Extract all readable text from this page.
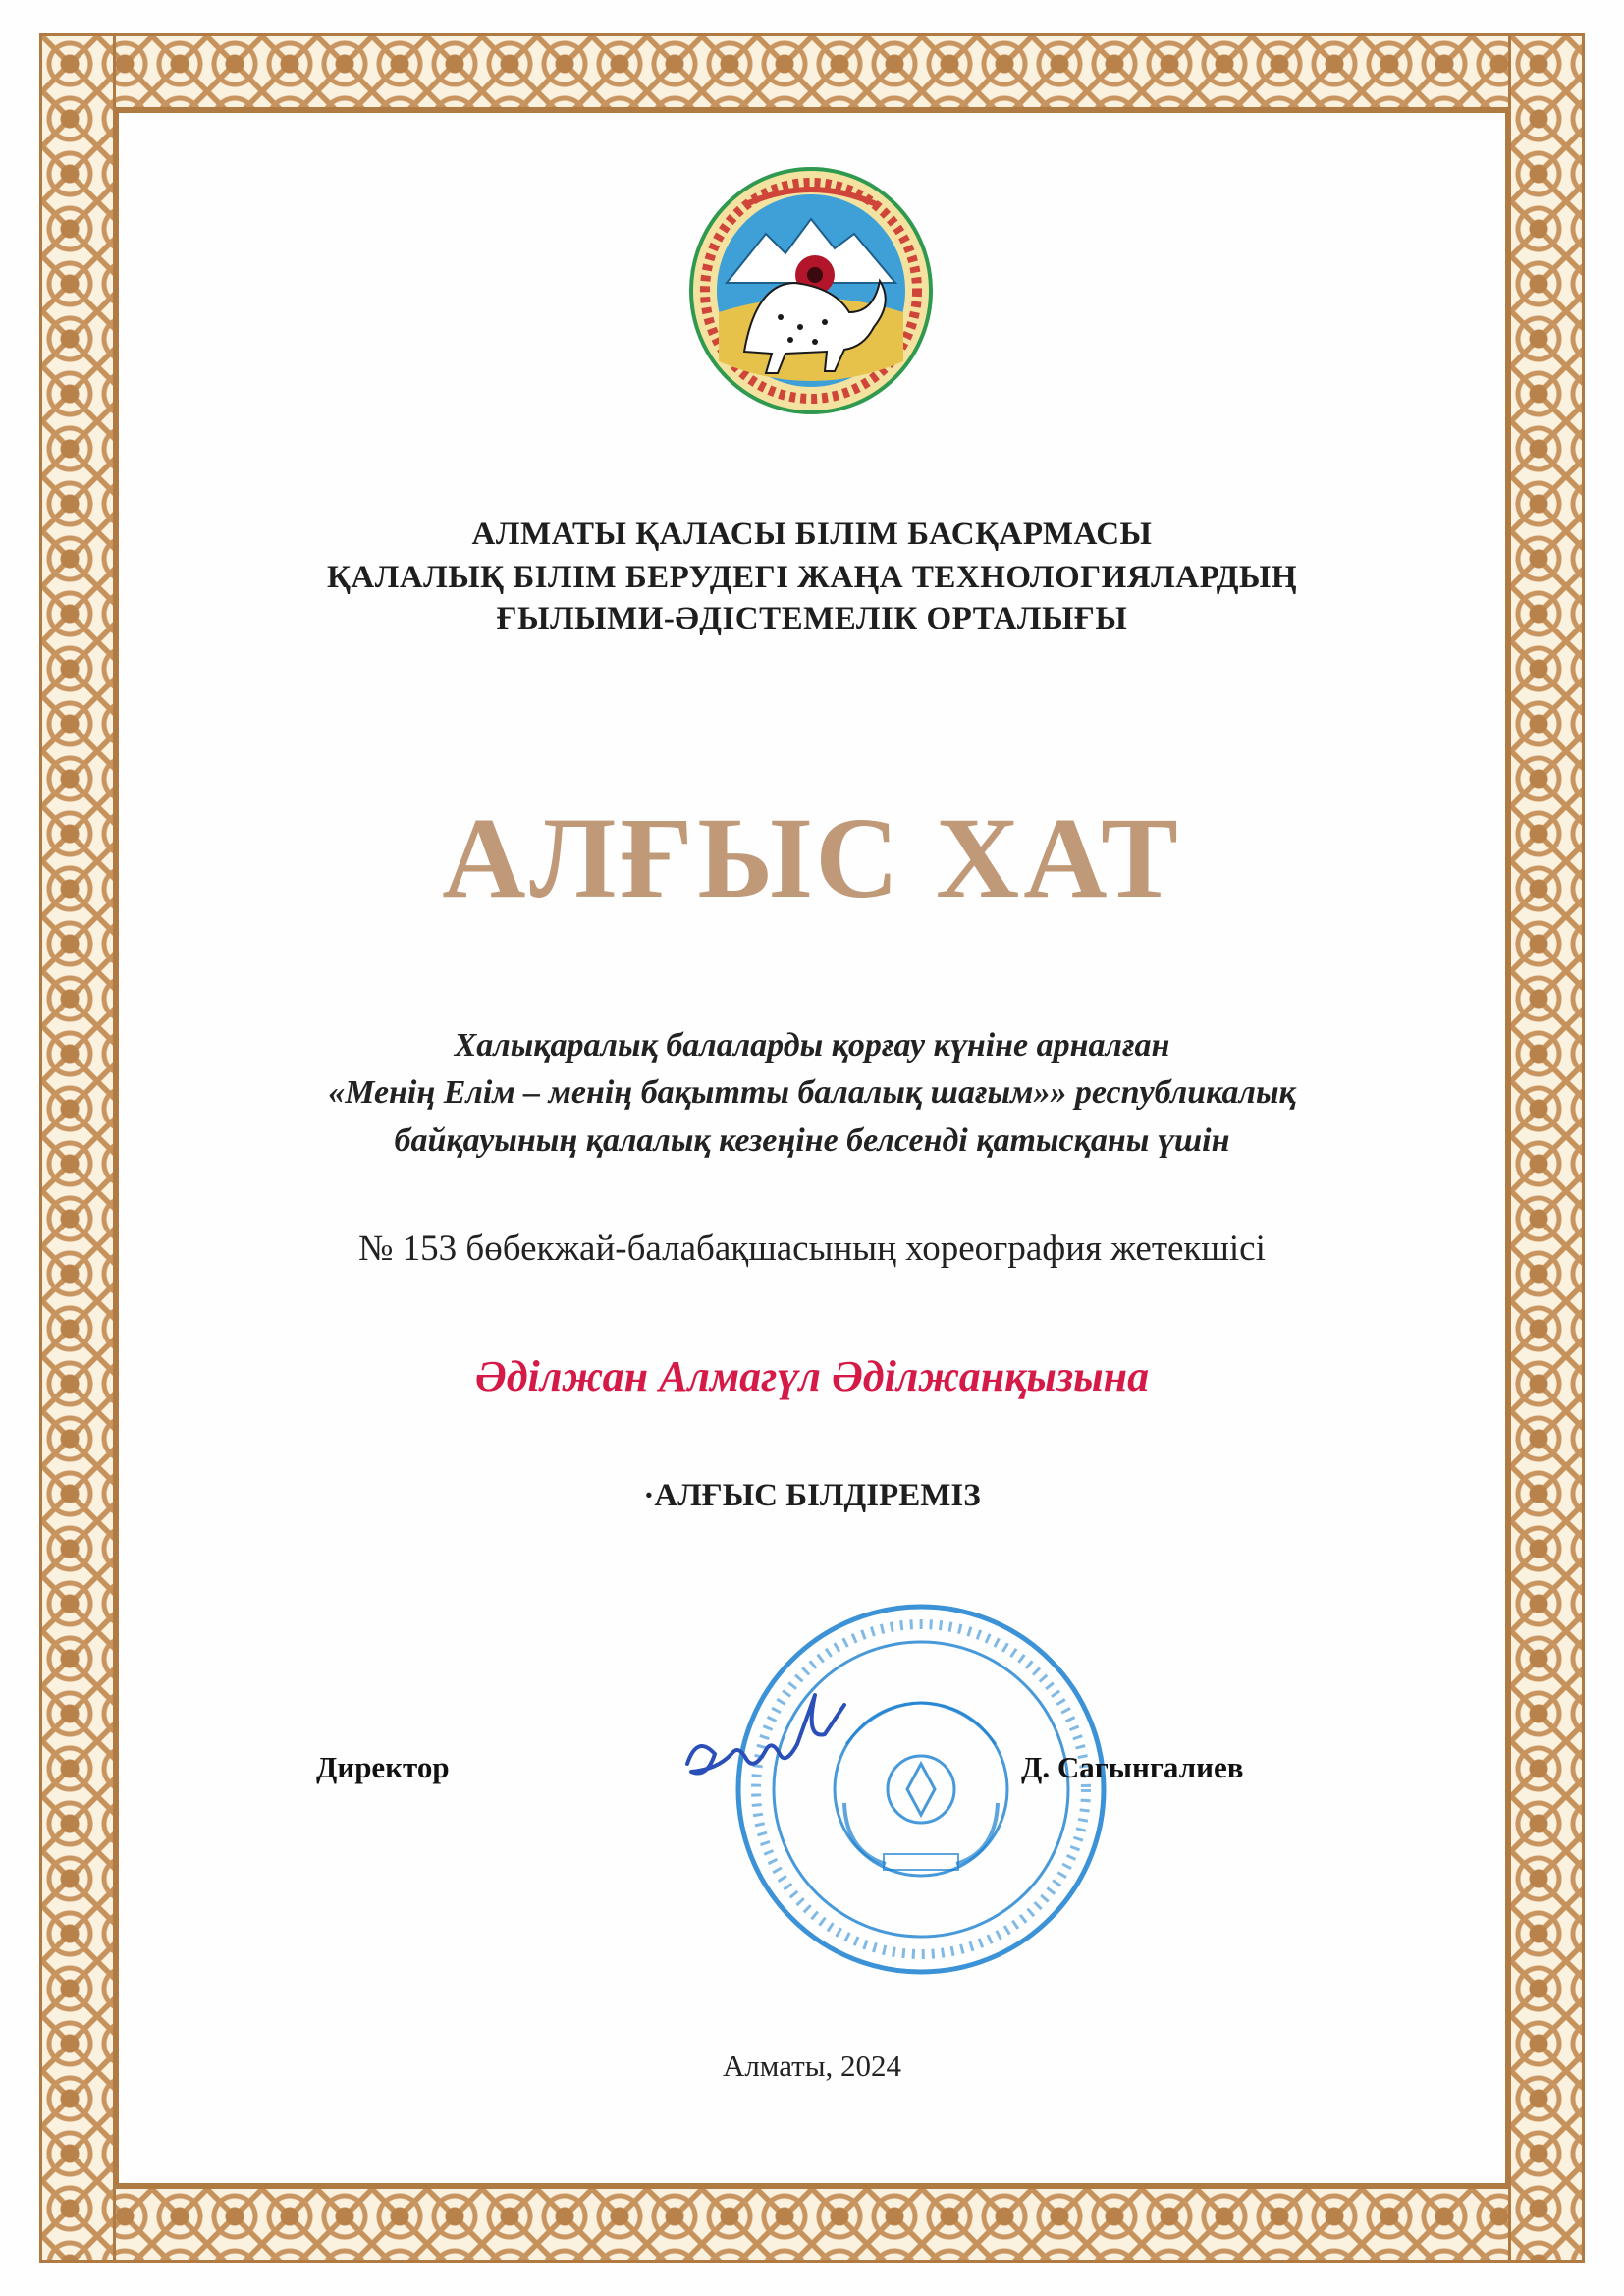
АЛМАТЫ ҚАЛАСЫ БІЛІМ БАСҚАРМАСЫ
ҚАЛАЛЫҚ БІЛІМ БЕРУДЕГІ ЖАҢА ТЕХНОЛОГИЯЛАРДЫҢ
ҒЫЛЫМИ-ӘДІСТЕМЕЛІК ОРТАЛЫҒЫ
АЛҒЫС ХАТ
Халықаралық балаларды қорғау күніне арналған
«Менің Елім – менің бақытты балалық шағым»» республикалық
байқауының қалалық кезеңіне белсенді қатысқаны үшін
№ 153 бөбекжай-балабақшасының хореография жетекшісі
Әділжан Алмагүл Әділжанқызына
·АЛҒЫС БІЛДІРЕМІЗ
Директор	Д. Сагынгалиев
Алматы, 2024
